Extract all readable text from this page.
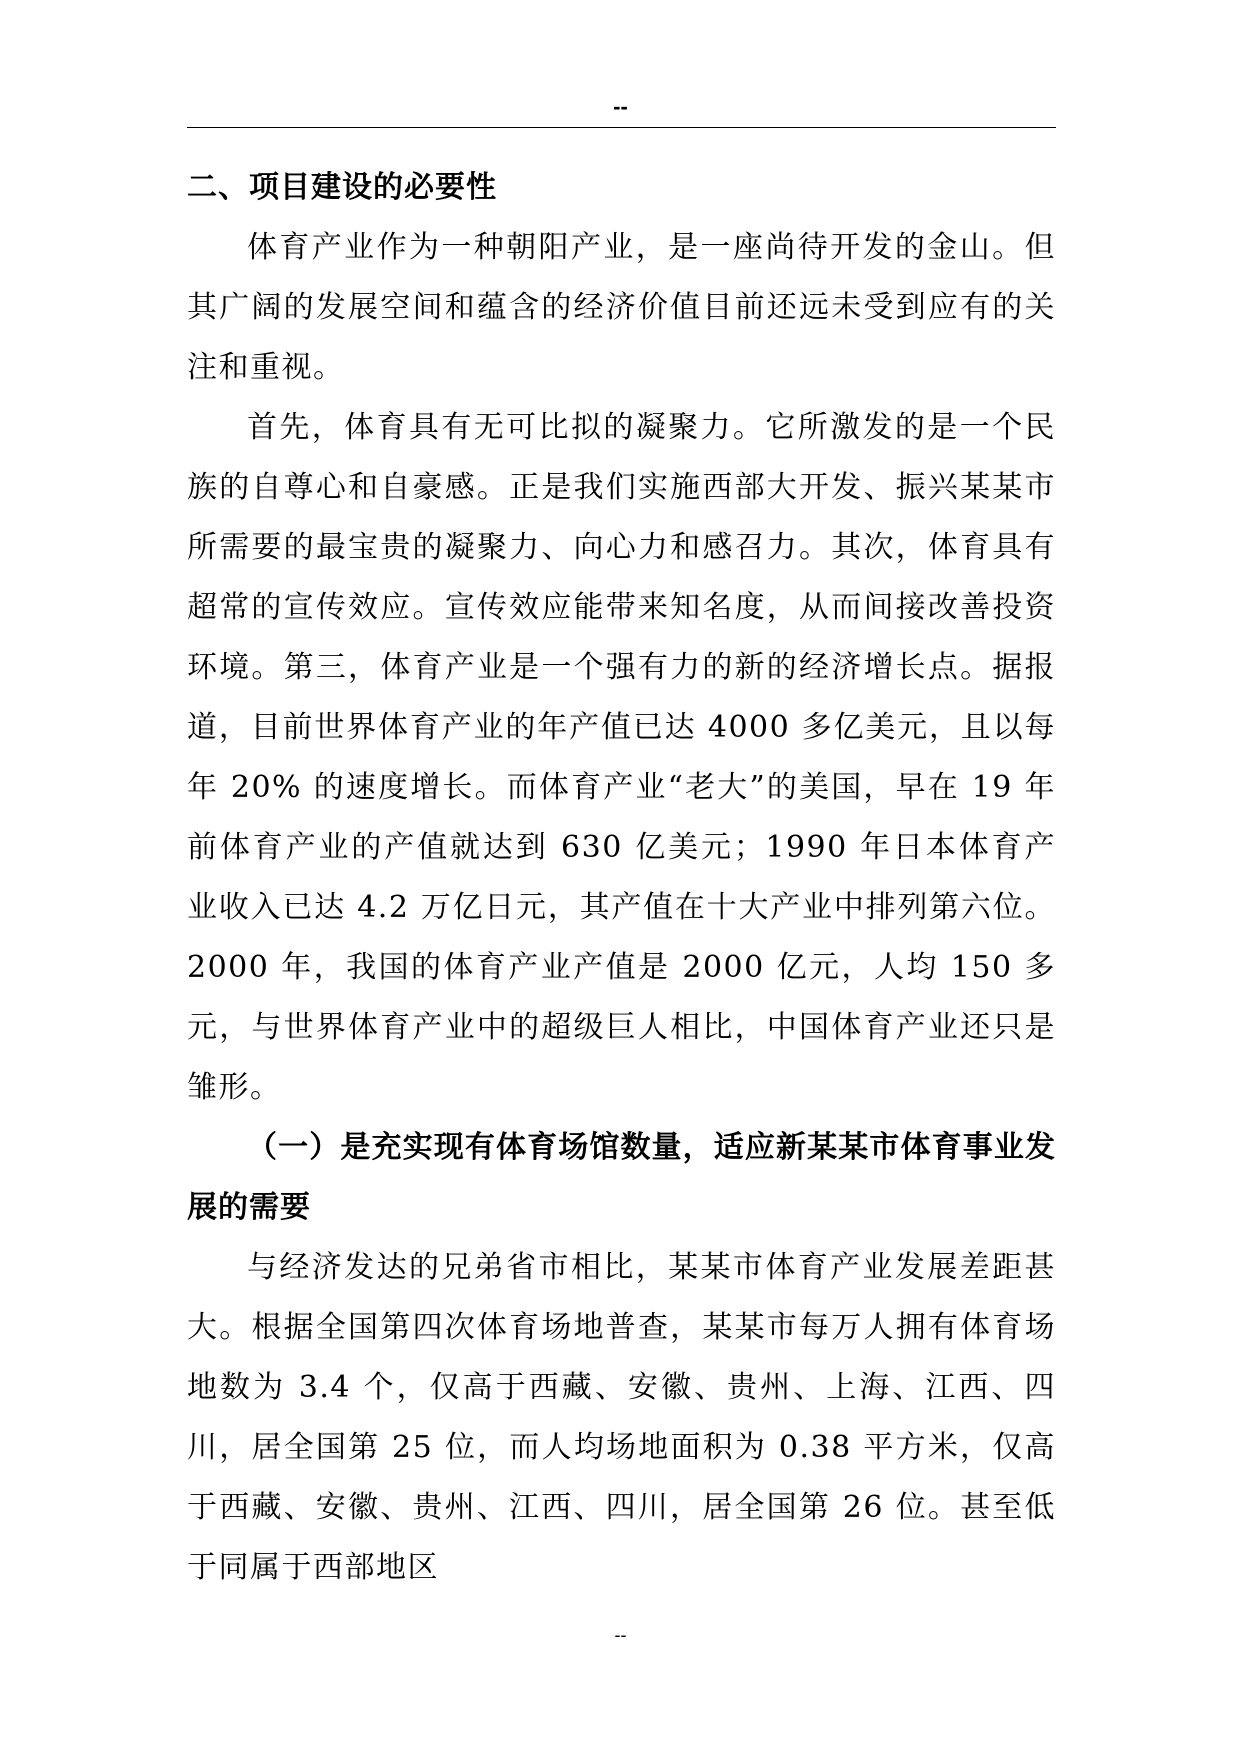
--
二、项目建设的必要性

体育产业作为一种朝阳产业，是一座尚待开发的金山。但其广阔的发展空间和蕴含的经济价值目前还远未受到应有的关注和重视。

首先，体育具有无可比拟的凝聚力。它所激发的是一个民族的自尊心和自豪感。正是我们实施西部大开发、振兴某某市所需要的最宝贵的凝聚力、向心力和感召力。其次，体育具有超常的宣传效应。宣传效应能带来知名度，从而间接改善投资环境。第三，体育产业是一个强有力的新的经济增长点。据报道，目前世界体育产业的年产值已达 4000 多亿美元，且以每年 20% 的速度增长。而体育产业“老大”的美国，早在 19 年前体育产业的产值就达到 630 亿美元；1990 年日本体育产业收入已达 4.2 万亿日元，其产值在十大产业中排列第六位。2000 年，我国的体育产业产值是 2000 亿元，人均 150 多元，与世界体育产业中的超级巨人相比，中国体育产业还只是雏形。

（一）是充实现有体育场馆数量，适应新某某市体育事业发展的需要

与经济发达的兄弟省市相比，某某市体育产业发展差距甚大。根据全国第四次体育场地普查，某某市每万人拥有体育场地数为 3.4 个，仅高于西藏、安徽、贵州、上海、江西、四川，居全国第 25 位，而人均场地面积为 0.38 平方米，仅高于西藏、安徽、贵州、江西、四川，居全国第 26 位。甚至低于同属于西部地区

--
